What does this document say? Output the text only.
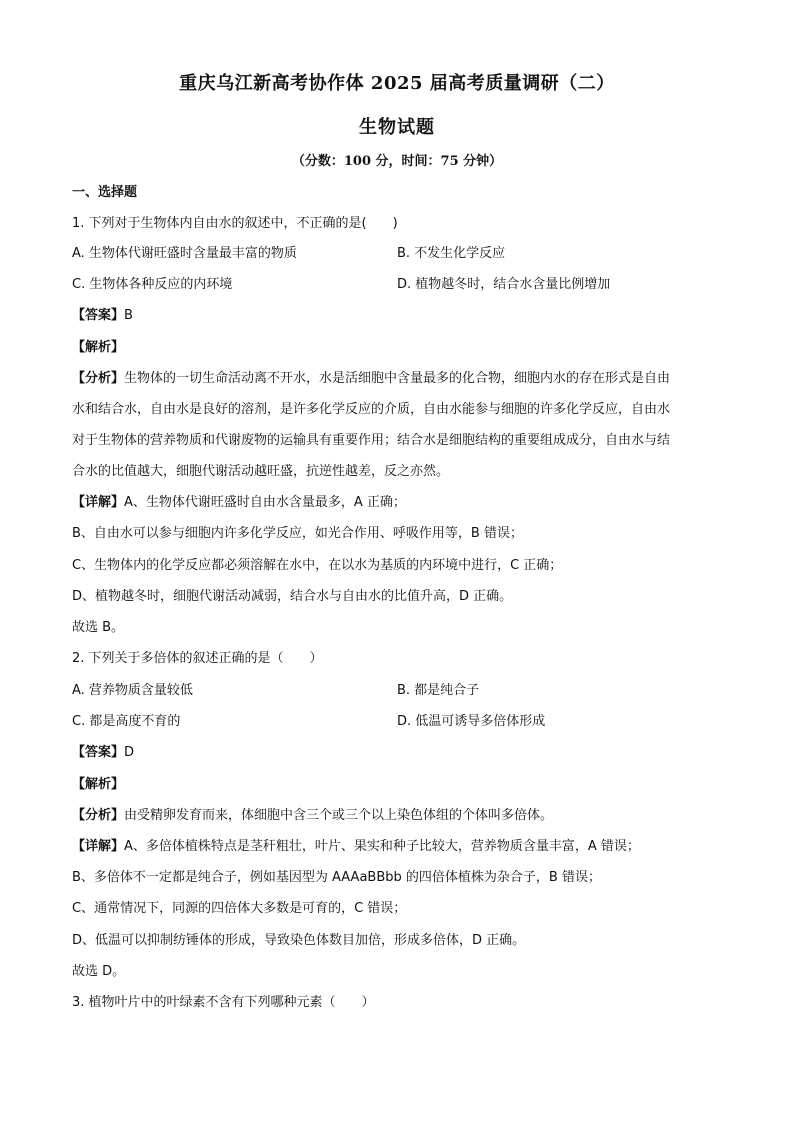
重庆乌江新高考协作体 2025 届高考质量调研（二）
生物试题
（分数：100 分，时间：75 分钟）
一、选择题
1. 下列对于生物体内自由水的叙述中，不正确的是(　　)
A. 生物体代谢旺盛时含量最丰富的物质	B. 不发生化学反应
C. 生物体各种反应的内环境	D. 植物越冬时，结合水含量比例增加
【答案】B
【解析】
【分析】生物体的一切生命活动离不开水，水是活细胞中含量最多的化合物，细胞内水的存在形式是自由
水和结合水，自由水是良好的溶剂，是许多化学反应的介质，自由水能参与细胞的许多化学反应，自由水
对于生物体的营养物质和代谢废物的运输具有重要作用；结合水是细胞结构的重要组成成分，自由水与结
合水的比值越大，细胞代谢活动越旺盛，抗逆性越差，反之亦然。
【详解】A、生物体代谢旺盛时自由水含量最多，A 正确；
B、自由水可以参与细胞内许多化学反应，如光合作用、呼吸作用等，B 错误；
C、生物体内的化学反应都必须溶解在水中，在以水为基质的内环境中进行，C 正确；
D、植物越冬时，细胞代谢活动减弱，结合水与自由水的比值升高，D 正确。
故选 B。
2. 下列关于多倍体的叙述正确的是（　　）
A. 营养物质含量较低	B. 都是纯合子
C. 都是高度不育的	D. 低温可诱导多倍体形成
【答案】D
【解析】
【分析】由受精卵发育而来，体细胞中含三个或三个以上染色体组的个体叫多倍体。
【详解】A、多倍体植株特点是茎秆粗壮，叶片、果实和种子比较大，营养物质含量丰富，A 错误；
B、多倍体不一定都是纯合子，例如基因型为 AAAaBBbb 的四倍体植株为杂合子，B 错误；
C、通常情况下，同源的四倍体大多数是可育的，C 错误；
D、低温可以抑制纺锤体的形成，导致染色体数目加倍，形成多倍体，D 正确。
故选 D。
3. 植物叶片中的叶绿素不含有下列哪种元素（　　）
